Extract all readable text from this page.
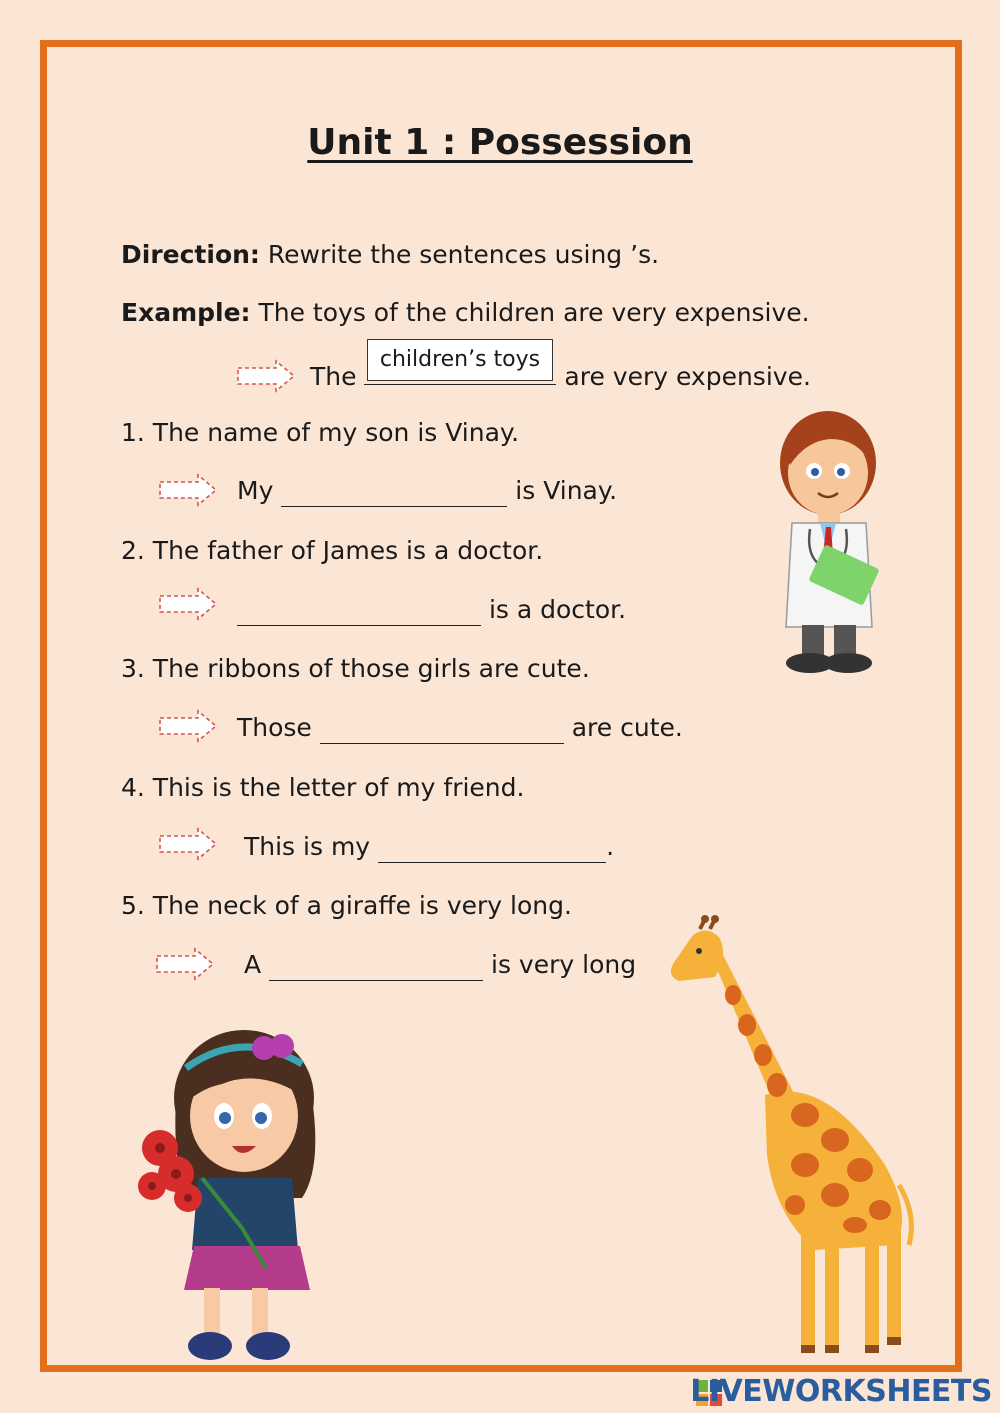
Unit 1 : Possession
Direction: Rewrite the sentences using ’s.
Example: The toys of the children are very expensive.
The	are very expensive.
children’s toys
1. The name of my son is Vinay.
My	is Vinay.
2. The father of James is a doctor.
is a doctor.
3. The ribbons of those girls are cute.
Those	are cute.
4. This is the letter of my friend.
This is my	.
5. The neck of a giraffe is very long.
A	is very long
LIVEWORKSHEETS
